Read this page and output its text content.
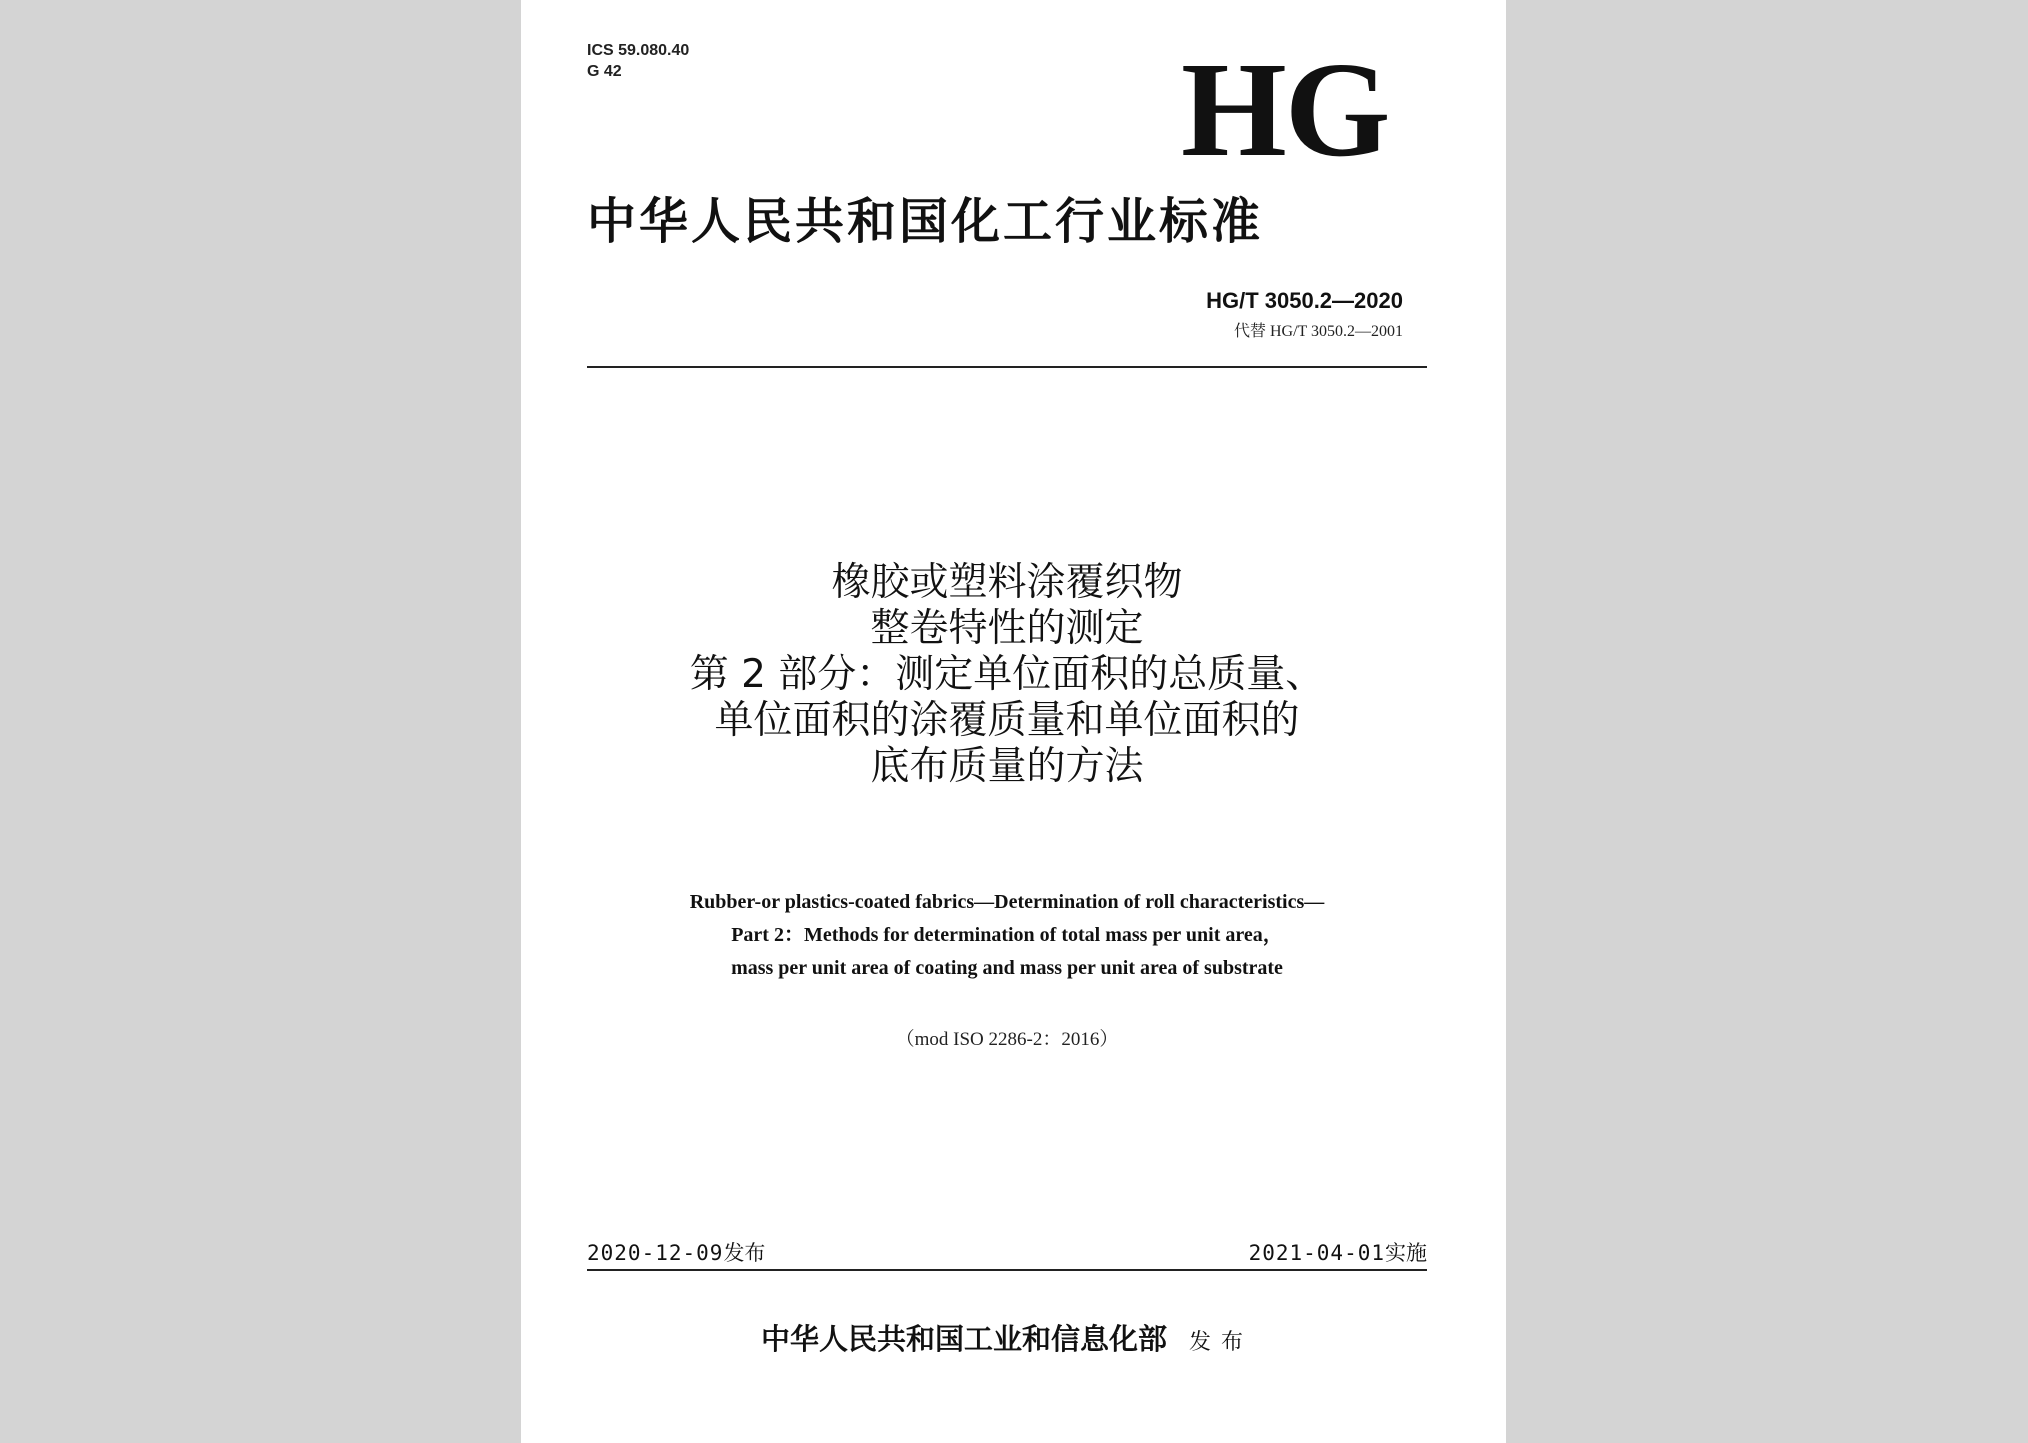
ICS 59.080.40
G 42	HG
中华人民共和国化工行业标准
HG/T 3050.2—2020
代替 HG/T 3050.2—2001
橡胶或塑料涂覆织物
整卷特性的测定
第 2 部分：测定单位面积的总质量、
单位面积的涂覆质量和单位面积的
底布质量的方法
Rubber-or plastics-coated fabrics—Determination of roll characteristics—
Part 2：Methods for determination of total mass per unit area，
mass per unit area of coating and mass per unit area of substrate
（mod ISO 2286-2：2016）
2020-12-09发布	2021-04-01实施
中华人民共和国工业和信息化部 发布
